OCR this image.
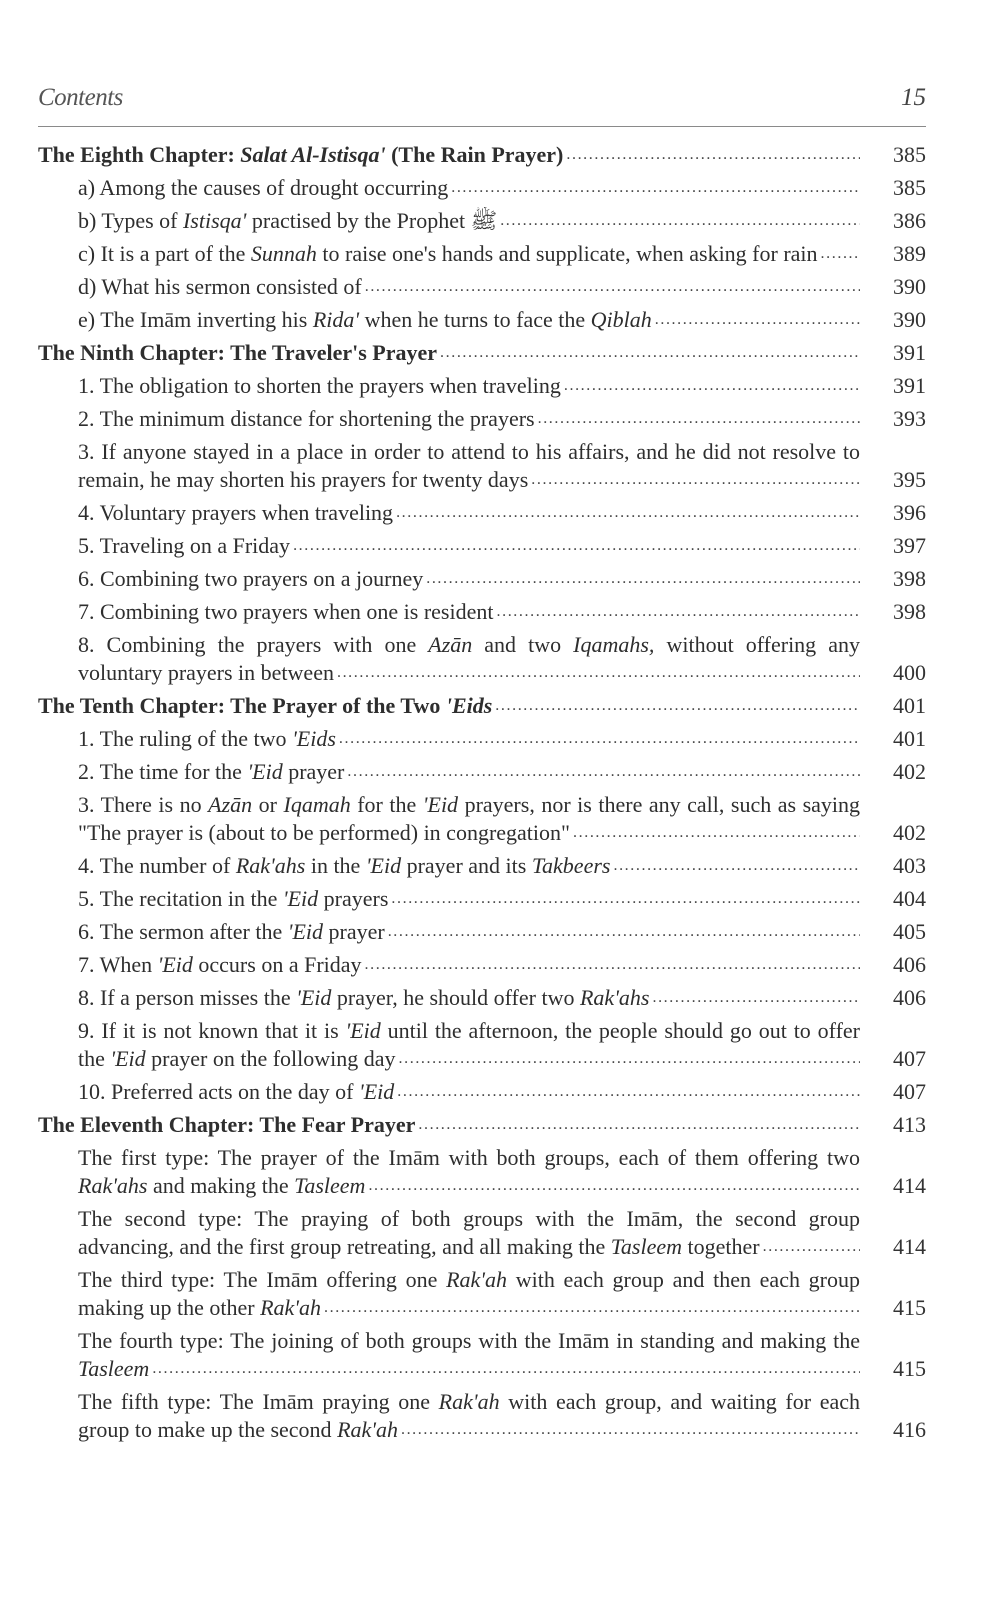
Contents	15
The Eighth Chapter: Salat Al-Istisqa' (The Rain Prayer) . . .	385
a) Among the causes of drought occurring . . .	385
b) Types of Istisqa' practised by the Prophet ﷺ . . .	386
c) It is a part of the Sunnah to raise one's hands and supplicate, when asking for rain . . .	389
d) What his sermon consisted of . . .	390
e) The Imām inverting his Rida' when he turns to face the Qiblah . . .	390
The Ninth Chapter: The Traveler's Prayer . . .	391
1. The obligation to shorten the prayers when traveling . . .	391
2. The minimum distance for shortening the prayers . . .	393
3. If anyone stayed in a place in order to attend to his affairs, and he did not resolve to remain, he may shorten his prayers for twenty days . . .	395
4. Voluntary prayers when traveling . . .	396
5. Traveling on a Friday . . .	397
6. Combining two prayers on a journey . . .	398
7. Combining two prayers when one is resident . . .	398
8. Combining the prayers with one Azān and two Iqamahs, without offering any voluntary prayers in between . . .	400
The Tenth Chapter: The Prayer of the Two 'Eids . . .	401
1. The ruling of the two 'Eids . . .	401
2. The time for the 'Eid prayer . . .	402
3. There is no Azān or Iqamah for the 'Eid prayers, nor is there any call, such as saying "The prayer is (about to be performed) in congregation" . . .	402
4. The number of Rak'ahs in the 'Eid prayer and its Takbeers . . .	403
5. The recitation in the 'Eid prayers . . .	404
6. The sermon after the 'Eid prayer . . .	405
7. When 'Eid occurs on a Friday . . .	406
8. If a person misses the 'Eid prayer, he should offer two Rak'ahs . . .	406
9. If it is not known that it is 'Eid until the afternoon, the people should go out to offer the 'Eid prayer on the following day . . .	407
10. Preferred acts on the day of 'Eid . . .	407
The Eleventh Chapter: The Fear Prayer . . .	413
The first type: The prayer of the Imām with both groups, each of them offering two Rak'ahs and making the Tasleem . . .	414
The second type: The praying of both groups with the Imām, the second group advancing, and the first group retreating, and all making the Tasleem together . . .	414
The third type: The Imām offering one Rak'ah with each group and then each group making up the other Rak'ah . . .	415
The fourth type: The joining of both groups with the Imām in standing and making the Tasleem . . .	415
The fifth type: The Imām praying one Rak'ah with each group, and waiting for each group to make up the second Rak'ah . . .	416
